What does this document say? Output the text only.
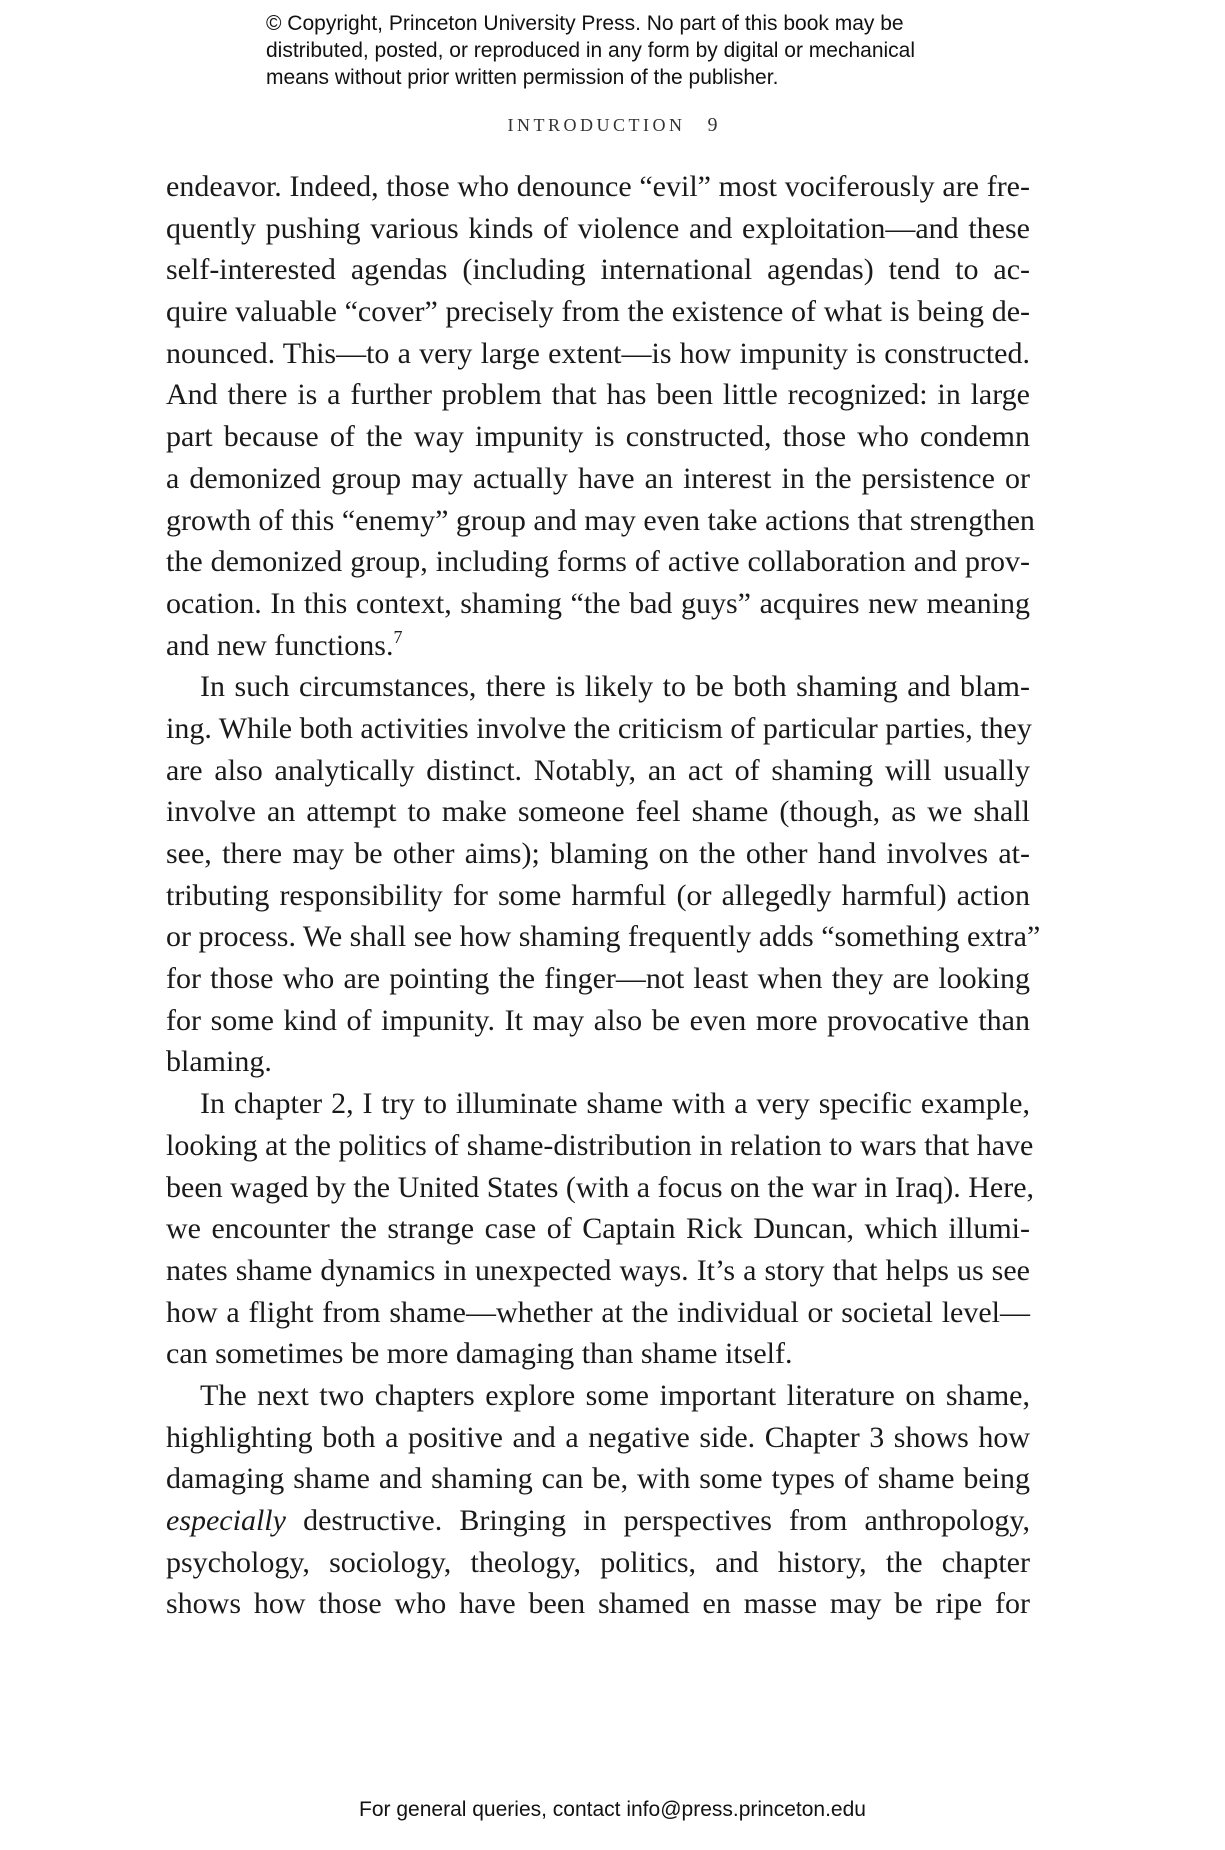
© Copyright, Princeton University Press. No part of this book may be
distributed, posted, or reproduced in any form by digital or mechanical
means without prior written permission of the publisher.
INTRODUCTION 9
endeavor. Indeed, those who denounce “evil” most vociferously are fre-
quently pushing various kinds of violence and exploitation—and these
self-interested agendas (including international agendas) tend to ac-
quire valuable “cover” precisely from the existence of what is being de-
nounced. This—to a very large extent—is how impunity is constructed.
And there is a further problem that has been little recognized: in large
part because of the way impunity is constructed, those who condemn
a demonized group may actually have an interest in the persistence or
growth of this “enemy” group and may even take actions that strengthen
the demonized group, including forms of active collaboration and prov-
ocation. In this context, shaming “the bad guys” acquires new meaning
and new functions.$^7$
In such circumstances, there is likely to be both shaming and blam-
ing. While both activities involve the criticism of particular parties, they
are also analytically distinct. Notably, an act of shaming will usually
involve an attempt to make someone feel shame (though, as we shall
see, there may be other aims); blaming on the other hand involves at-
tributing responsibility for some harmful (or allegedly harmful) action
or process. We shall see how shaming frequently adds “something extra”
for those who are pointing the finger—not least when they are looking
for some kind of impunity. It may also be even more provocative than
blaming.
In chapter 2, I try to illuminate shame with a very specific example,
looking at the politics of shame-distribution in relation to wars that have
been waged by the United States (with a focus on the war in Iraq). Here,
we encounter the strange case of Captain Rick Duncan, which illumi-
nates shame dynamics in unexpected ways. It’s a story that helps us see
how a flight from shame—whether at the individual or societal level—
can sometimes be more damaging than shame itself.
The next two chapters explore some important literature on shame,
highlighting both a positive and a negative side. Chapter 3 shows how
damaging shame and shaming can be, with some types of shame being
especially destructive. Bringing in perspectives from anthropology,
psychology, sociology, theology, politics, and history, the chapter
shows how those who have been shamed en masse may be ripe for
For general queries, contact info@press.princeton.edu
